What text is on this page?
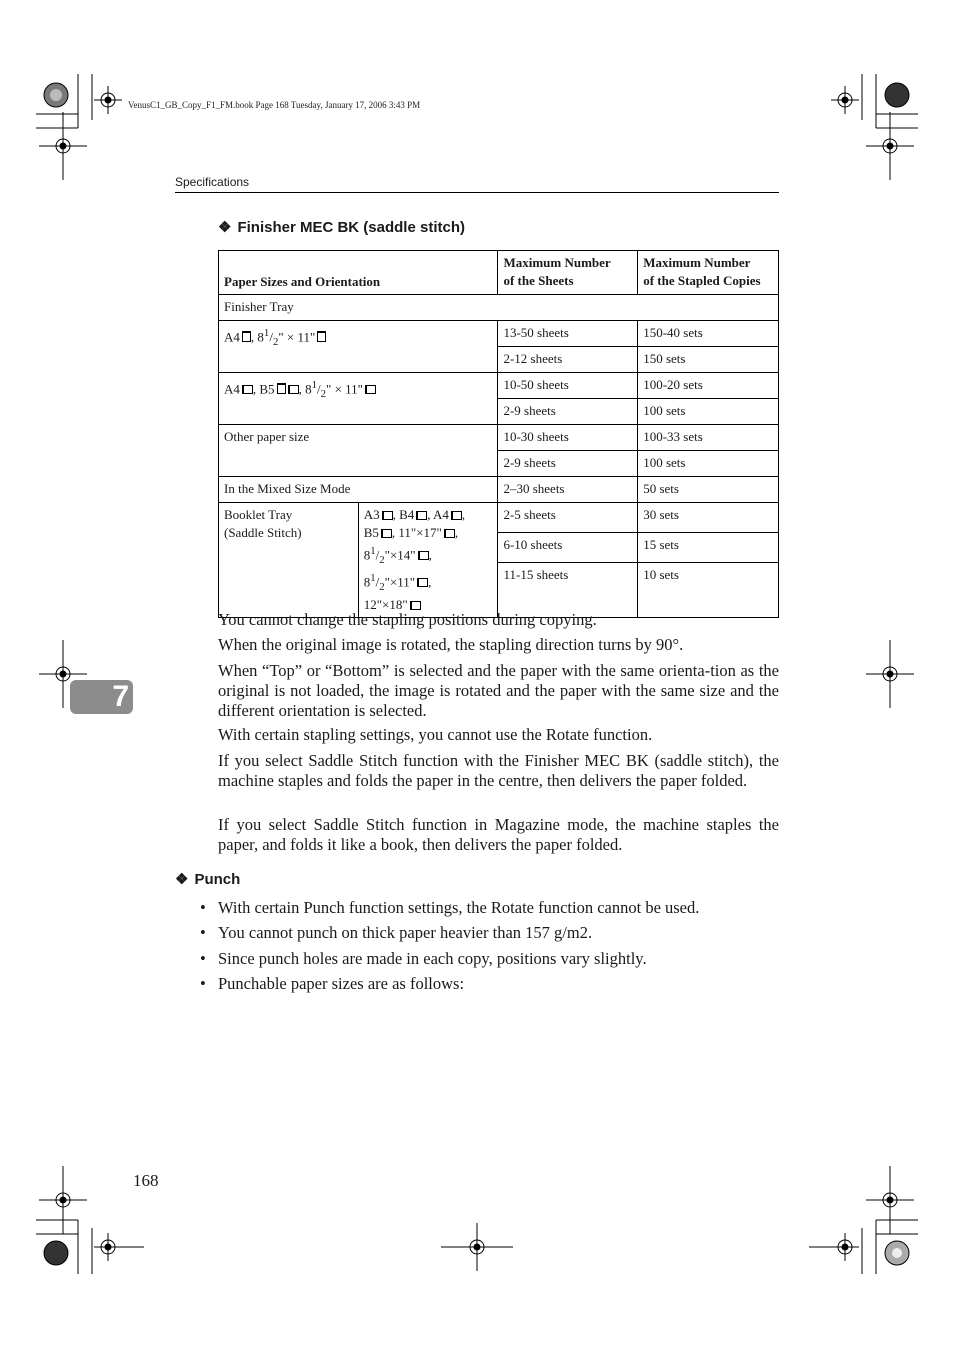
VenusC1_GB_Copy_F1_FM.book Page 168 Tuesday, January 17, 2006 3:43 PM
Specifications
❖ Finisher MEC BK (saddle stitch)
Paper Sizes and Orientation		Maximum Number
of the Sheets	Maximum Number
of the Stapled Copies
Finisher Tray			
A4 , $8^1/_2$" × 11"		13-50 sheets	150-40 sets
		2-12 sheets	150 sets
A4 , B5 , $8^1/_2$" × 11"		10-50 sheets	100-20 sets
		2-9 sheets	100 sets
Other paper size		10-30 sheets	100-33 sets
		2-9 sheets	100 sets
In the Mixed Size Mode		2–30 sheets	50 sets
Booklet Tray
(Saddle Stitch)	A3 , B4 , A4 ,
B5 , 11"×17" ,
$8^1/_2"\times 14$" ,
$8^1/_2"\times 11$" ,
12"×18"	2-5 sheets	30 sets
		6-10 sheets	15 sets
		11-15 sheets	10 sets
You cannot change the stapling positions during copying.
When the original image is rotated, the stapling direction turns by 90°.
When “Top” or “Bottom” is selected and the paper with the same orienta-tion as the original is not loaded, the image is rotated and the paper with the same size and the different orientation is selected.
With certain stapling settings, you cannot use the Rotate function.
If you select Saddle Stitch function with the Finisher MEC BK (saddle stitch), the machine staples and folds the paper in the centre, then delivers the paper folded.
If you select Saddle Stitch function in Magazine mode, the machine staples the paper, and folds it like a book, then delivers the paper folded.
❖ Punch
• With certain Punch function settings, the Rotate function cannot be used.
• You cannot punch on thick paper heavier than 157 g/m2.
• Since punch holes are made in each copy, positions vary slightly.
• Punchable paper sizes are as follows:
7
168
